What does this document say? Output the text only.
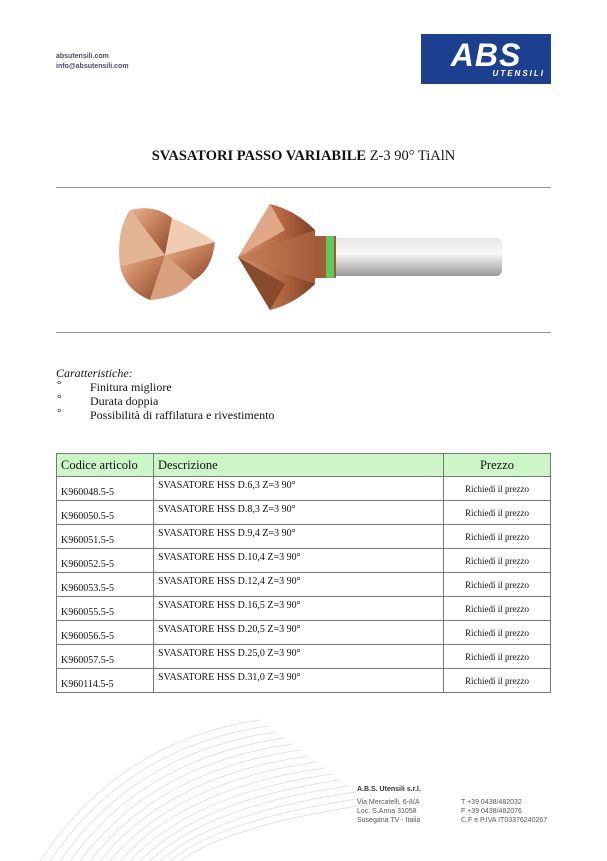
absutensili.com
info@absutensili.com	ABS
UTENSILI
SVASATORI PASSO VARIABILE Z-3 90° TiAlN
Caratteristiche:
° Finitura migliore
° Durata doppia
° Possibilità di raffilatura e rivestimento
Codice articolo	Descrizione	Prezzo
K960048.5-5	SVASATORE HSS D.6,3 Z=3 90°	Richiedi il prezzo
K960050.5-5	SVASATORE HSS D.8,3 Z=3 90°	Richiedi il prezzo
K960051.5-5	SVASATORE HSS D.9,4 Z=3 90°	Richiedi il prezzo
K960052.5-5	SVASATORE HSS D.10,4 Z=3 90°	Richiedi il prezzo
K960053.5-5	SVASATORE HSS D.12,4 Z=3 90°	Richiedi il prezzo
K960055.5-5	SVASATORE HSS D.16,5 Z=3 90°	Richiedi il prezzo
K960056.5-5	SVASATORE HSS D.20,5 Z=3 90°	Richiedi il prezzo
K960057.5-5	SVASATORE HSS D.25,0 Z=3 90°	Richiedi il prezzo
K960114.5-5	SVASATORE HSS D.31,0 Z=3 90°	Richiedi il prezzo
A.B.S. Utensili s.r.l.
Via Mercatelli, 6-8/A
Loc. S.Anna 31058
Susegana TV - Italia
T +39 0438/482032
F +39 0438/482076
C.F e P.IVA IT03376240267
